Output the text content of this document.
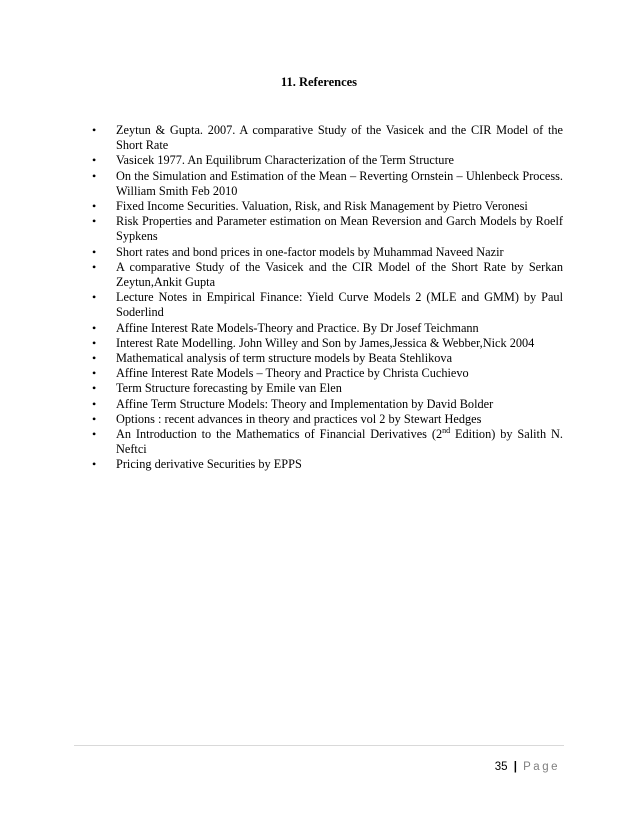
11. References
• Zeytun & Gupta. 2007. A comparative Study of the Vasicek and the CIR Model of the Short Rate
• Vasicek 1977. An Equilibrum Characterization of the Term Structure
• On the Simulation and Estimation of the Mean – Reverting Ornstein – Uhlenbeck Process. William Smith Feb 2010
• Fixed Income Securities. Valuation, Risk, and Risk Management by Pietro Veronesi
• Risk Properties and Parameter estimation on Mean Reversion and Garch Models by Roelf Sypkens
• Short rates and bond prices in one-factor models by Muhammad Naveed Nazir
• A comparative Study of the Vasicek and the CIR Model of the Short Rate by Serkan Zeytun,Ankit Gupta
• Lecture Notes in Empirical Finance: Yield Curve Models 2 (MLE and GMM) by Paul Soderlind
• Affine Interest Rate Models-Theory and Practice. By Dr Josef Teichmann
• Interest Rate Modelling. John Willey and Son by James,Jessica & Webber,Nick 2004
• Mathematical analysis of term structure models by Beata Stehlikova
• Affine Interest Rate Models – Theory and Practice by Christa Cuchievo
• Term Structure forecasting by Emile van Elen
• Affine Term Structure Models: Theory and Implementation by David Bolder
• Options : recent advances in theory and practices vol 2 by Stewart Hedges
• An Introduction to the Mathematics of Financial Derivatives (2nd Edition) by Salith N. Neftci
• Pricing derivative Securities by EPPS
35 | Page
